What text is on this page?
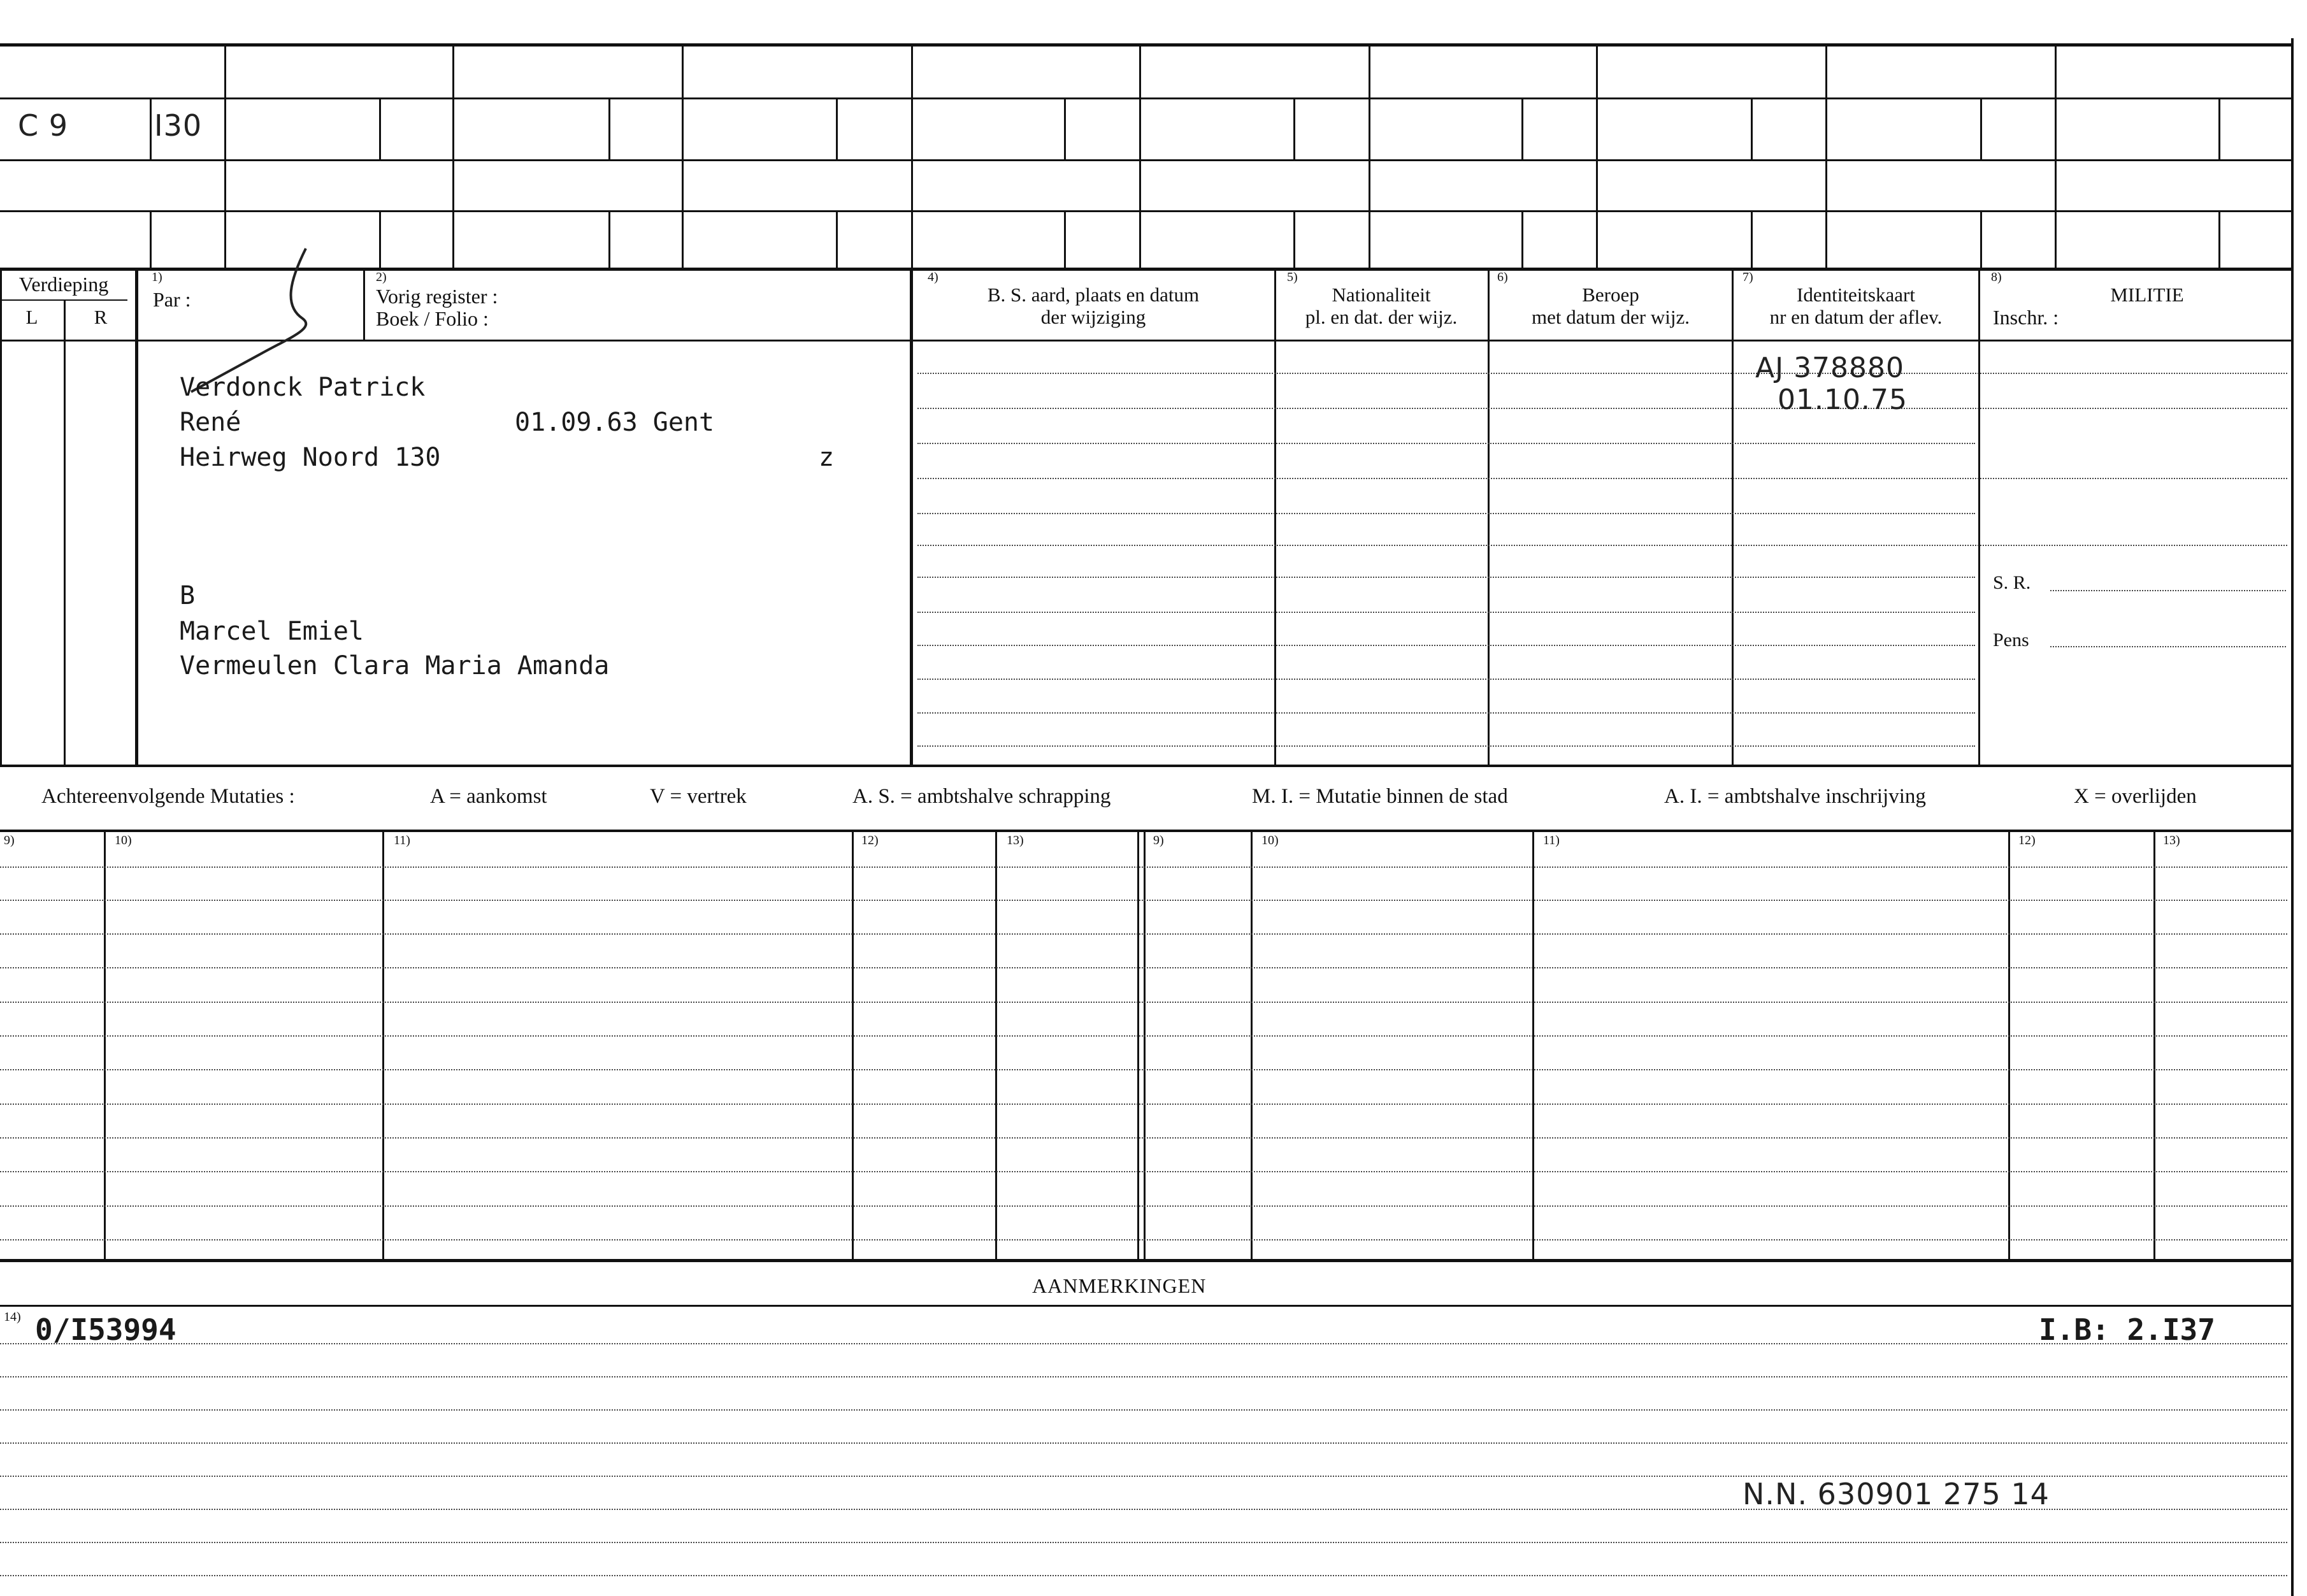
C 9	I30
Verdieping
L	R
1)
Par :
2)
Vorig register :
Boek / Folio :
4)
B. S. aard, plaats en datum
der wijziging
5)
Nationaliteit
pl. en dat. der wijz.
6)
Beroep
met datum der wijz.
7)
Identiteitskaart
nr en datum der aflev.
8)
MILITIE
Inschr. :
S. R.
Pens
Verdonck Patrick
René	01.09.63 Gent
Heirweg Noord 130	z
B
Marcel Emiel
Vermeulen Clara Maria Amanda
AJ 378880
01.10.75
Achtereenvolgende Mutaties :	A = aankomst	V = vertrek	A. S. = ambtshalve schrapping	M. I. = Mutatie binnen de stad	A. I. = ambtshalve inschrijving	X = overlijden
9)	10)	11)	12)	13)	9)	10)	11)	12)	13)
AANMERKINGEN
14) 0/I53994	I.B: 2.I37
N.N. 630901 275 14
